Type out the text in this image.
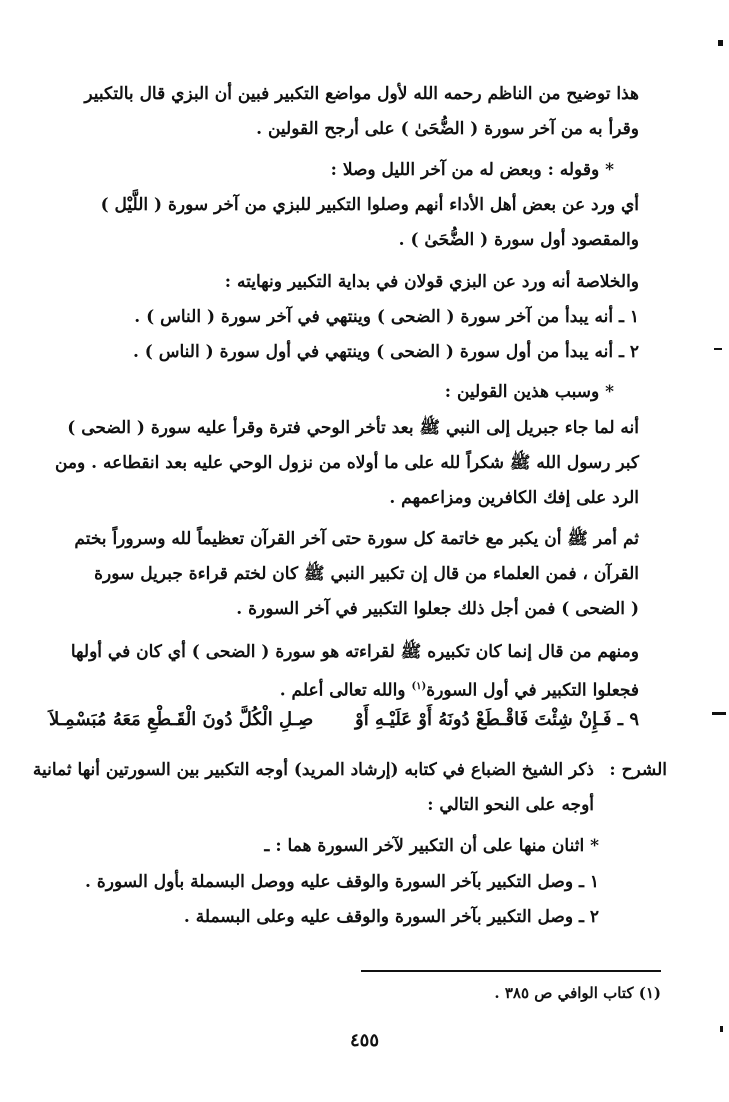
هذا توضيح من الناظم رحمه الله لأول مواضع التكبير فبين أن البزي قال بالتكبير
وقرأ به من آخر سورة ( الضُّحَىٰ ) على أرجح القولين .
* وقوله : وبعض له من آخر الليل وصلا :
أي ورد عن بعض أهل الأداء أنهم وصلوا التكبير للبزي من آخر سورة ( اللَّيْل )
والمقصود أول سورة ( الضُّحَىٰ ) .
والخلاصة أنه ورد عن البزي قولان في بداية التكبير ونهايته :
١ ـ أنه يبدأ من آخر سورة ( الضحى ) وينتهي في آخر سورة ( الناس ) .
٢ ـ أنه يبدأ من أول سورة ( الضحى ) وينتهي في أول سورة ( الناس ) .
* وسبب هذين القولين :
أنه لما جاء جبريل إلى النبي ﷺ بعد تأخر الوحي فترة وقرأ عليه سورة ( الضحى )
كبر رسول الله ﷺ شكراً لله على ما أولاه من نزول الوحي عليه بعد انقطاعه . ومن
الرد على إفك الكافرين ومزاعمهم .
ثم أمر ﷺ أن يكبر مع خاتمة كل سورة حتى آخر القرآن تعظيماً لله وسروراً بختم
القرآن ، فمن العلماء من قال إن تكبير النبي ﷺ كان لختم قراءة جبريل سورة
( الضحى ) فمن أجل ذلك جعلوا التكبير في آخر السورة .
ومنهم من قال إنما كان تكبيره ﷺ لقراءته هو سورة ( الضحى ) أي كان في أولها
فجعلوا التكبير في أول السورة$^{(١)}$ والله تعالى أعلم .
٩ ـ فَـإِنْ شِئْتَ فَاقْـطَعْ دُونَهُ أَوْ عَلَيْـهِ أَوْ
صِـلِ الْكُلَّ دُونَ الْقَـطْعِ مَعَهُ مُبَسْمِـلاَ
الشرح :
ذكر الشيخ الضباع في كتابه (إرشاد المريد) أوجه التكبير بين السورتين أنها ثمانية
أوجه على النحو التالي :
* اثنان منها على أن التكبير لآخر السورة هما : ـ
١ ـ وصل التكبير بآخر السورة والوقف عليه ووصل البسملة بأول السورة .
٢ ـ وصل التكبير بآخر السورة والوقف عليه وعلى البسملة .
(١) كتاب الوافي ص ٣٨٥ .
٤٥٥
